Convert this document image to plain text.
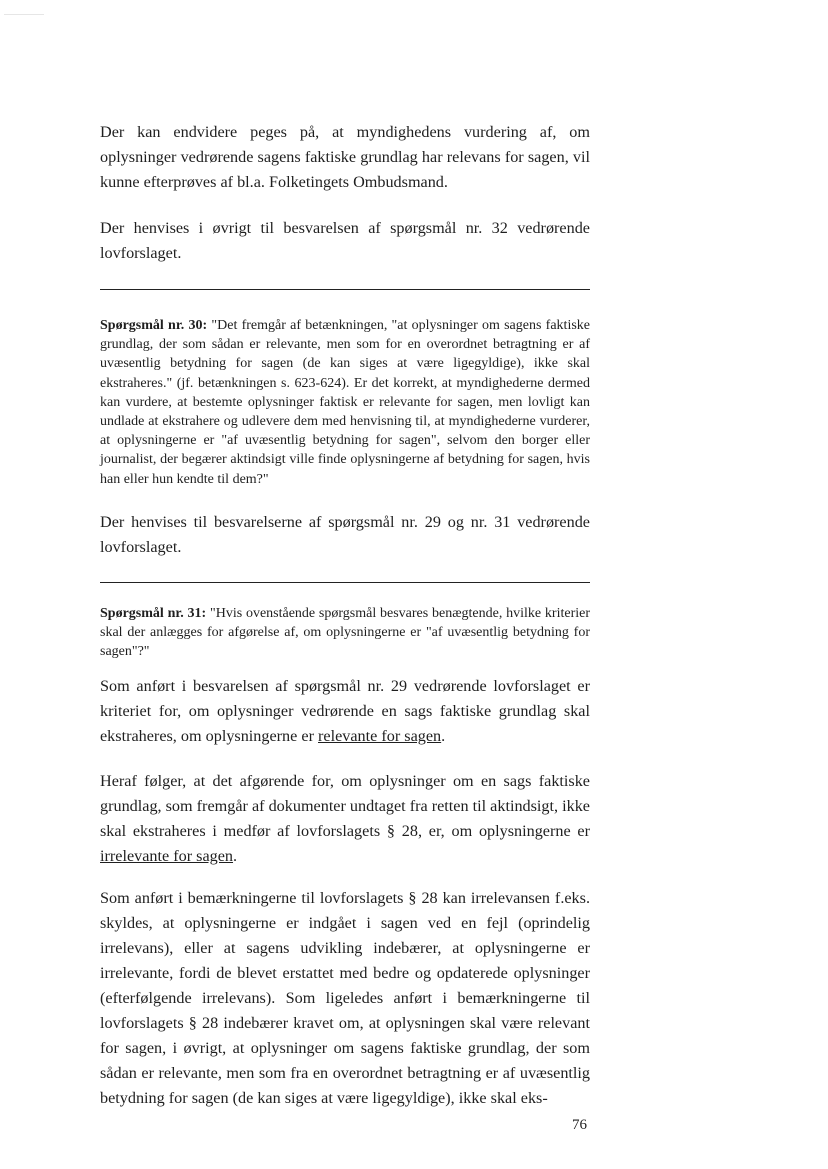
Der kan endvidere peges på, at myndighedens vurdering af, om oplysninger vedrørende sagens faktiske grundlag har relevans for sagen, vil kunne efterprøves af bl.a. Folketingets Ombudsmand.

Der henvises i øvrigt til besvarelsen af spørgsmål nr. 32 vedrørende lovforslaget.

Spørgsmål nr. 30: "Det fremgår af betænkningen, "at oplysninger om sagens faktiske grundlag, der som sådan er relevante, men som for en overordnet betragtning er af uvæsentlig betydning for sagen (de kan siges at være ligegyldige), ikke skal ekstraheres." (jf. betænkningen s. 623-624). Er det korrekt, at myndighederne dermed kan vurdere, at bestemte oplysninger faktisk er relevante for sagen, men lovligt kan undlade at ekstrahere og udlevere dem med henvisning til, at myndighederne vurderer, at oplysningerne er "af uvæsentlig betydning for sagen", selvom den borger eller journalist, der begærer aktindsigt ville finde oplysningerne af betydning for sagen, hvis han eller hun kendte til dem?"

Der henvises til besvarelserne af spørgsmål nr. 29 og nr. 31 vedrørende lovforslaget.

Spørgsmål nr. 31: "Hvis ovenstående spørgsmål besvares benægtende, hvilke kriterier skal der anlægges for afgørelse af, om oplysningerne er "af uvæsentlig betydning for sagen"?"

Som anført i besvarelsen af spørgsmål nr. 29 vedrørende lovforslaget er kriteriet for, om oplysninger vedrørende en sags faktiske grundlag skal ekstraheres, om oplysningerne er relevante for sagen.

Heraf følger, at det afgørende for, om oplysninger om en sags faktiske grundlag, som fremgår af dokumenter undtaget fra retten til aktindsigt, ikke skal ekstraheres i medfør af lovforslagets § 28, er, om oplysningerne er irrelevante for sagen.

Som anført i bemærkningerne til lovforslagets § 28 kan irrelevansen f.eks. skyldes, at oplysningerne er indgået i sagen ved en fejl (oprindelig irrelevans), eller at sagens udvikling indebærer, at oplysningerne er irrelevante, fordi de blevet erstattet med bedre og opdaterede oplysninger (efterfølgende irrelevans). Som ligeledes anført i bemærkningerne til lovforslagets § 28 indebærer kravet om, at oplysningen skal være relevant for sagen, i øvrigt, at oplysninger om sagens faktiske grundlag, der som sådan er relevante, men som fra en overordnet betragtning er af uvæsentlig betydning for sagen (de kan siges at være ligegyldige), ikke skal eks-

76
